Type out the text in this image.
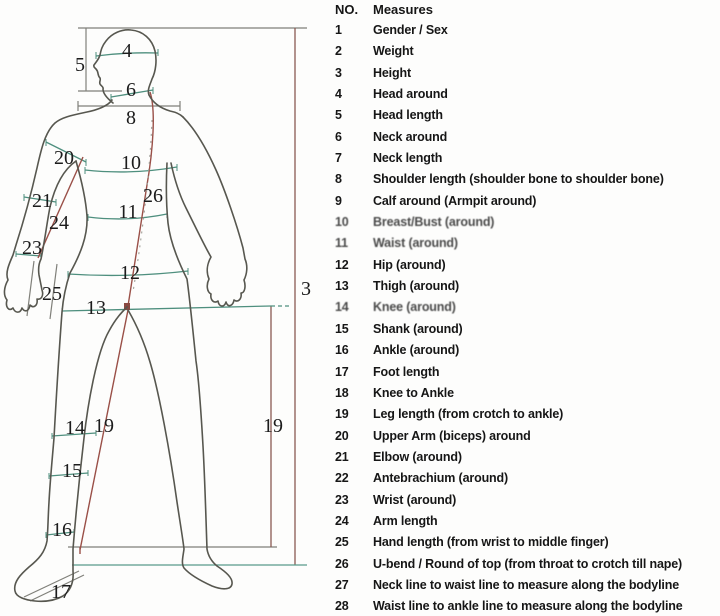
4
5
6
8
10
26
11
12
13
20
21
24
23
25
14
15
16
17
19	19
3
NO.	Measures
1	Gender / Sex
2	Weight
3	Height
4	Head around
5	Head length
6	Neck around
7	Neck length
8	Shoulder length (shoulder bone to shoulder bone)
9	Calf around (Armpit around)
10	Breast/Bust (around)
11	Waist (around)
12	Hip (around)
13	Thigh (around)
14	Knee (around)
15	Shank (around)
16	Ankle (around)
17	Foot length
18	Knee to Ankle
19	Leg length (from crotch to ankle)
20	Upper Arm (biceps) around
21	Elbow (around)
22	Antebrachium (around)
23	Wrist (around)
24	Arm length
25	Hand length (from wrist to middle finger)
26	U-bend / Round of top (from throat to crotch till nape)
27	Neck line to waist line to measure along the bodyline
28	Waist line to ankle line to measure along the bodyline
